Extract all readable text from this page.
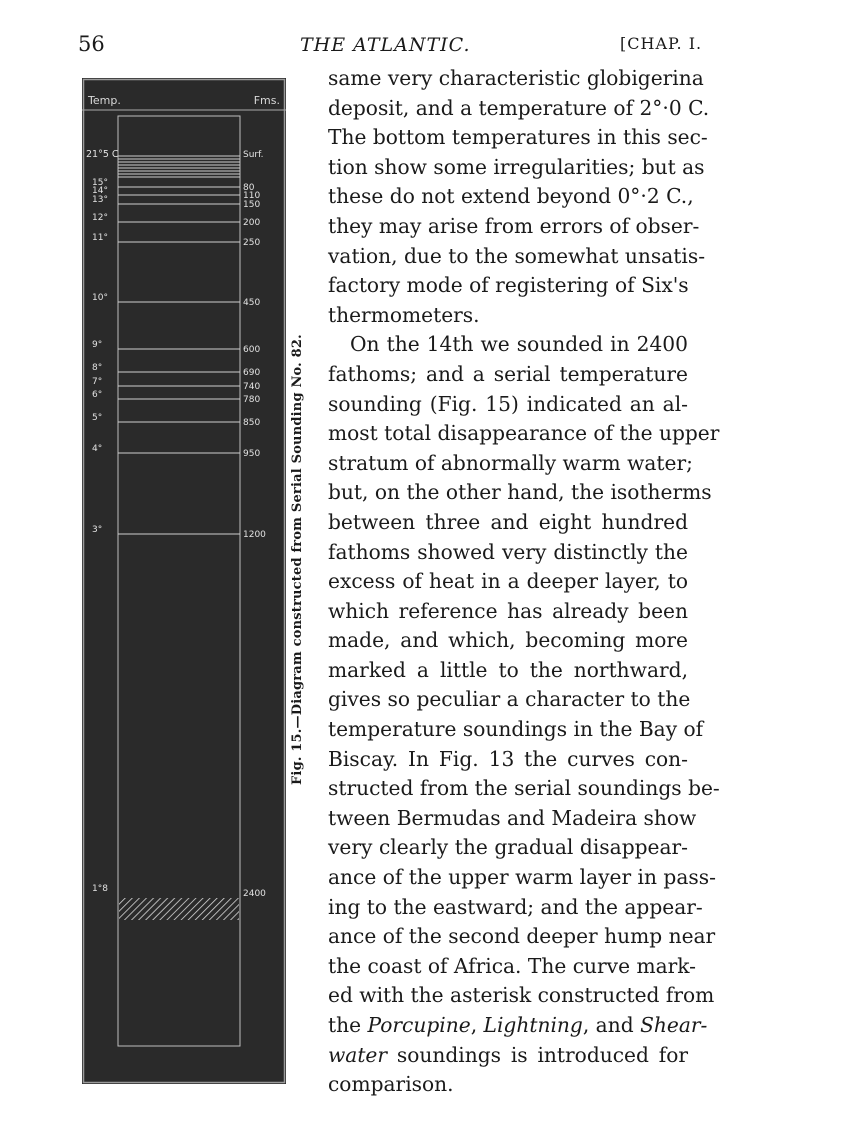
56	THE ATLANTIC.	[CHAP. I.
Temp.	Fms.
21°5 C	Surf.
15°	80
14°	110
13°	150
12°	200
11°	250
10°	450
9°	600
8°	690
7°	740
6°	780
5°	850
4°	950
3°	1200
1°8	2400
Fig. 15.—Diagram constructed from Serial Sounding No. 82.
same very characteristic globigerina
deposit, and a temperature of 2°·0 C.
The bottom temperatures in this sec-
tion show some irregularities; but as
these do not extend beyond 0°·2 C.,
they may arise from errors of obser-
vation, due to the somewhat unsatis-
factory mode of registering of Six's
thermometers.
On the 14th we sounded in 2400
fathoms; and a serial temperature
sounding (Fig. 15) indicated an al-
most total disappearance of the upper
stratum of abnormally warm water;
but, on the other hand, the isotherms
between three and eight hundred
fathoms showed very distinctly the
excess of heat in a deeper layer, to
which reference has already been
made, and which, becoming more
marked a little to the northward,
gives so peculiar a character to the
temperature soundings in the Bay of
Biscay. In Fig. 13 the curves con-
structed from the serial soundings be-
tween Bermudas and Madeira show
very clearly the gradual disappear-
ance of the upper warm layer in pass-
ing to the eastward; and the appear-
ance of the second deeper hump near
the coast of Africa. The curve mark-
ed with the asterisk constructed from
the Porcupine, Lightning, and Shear-
water soundings is introduced for
comparison.
